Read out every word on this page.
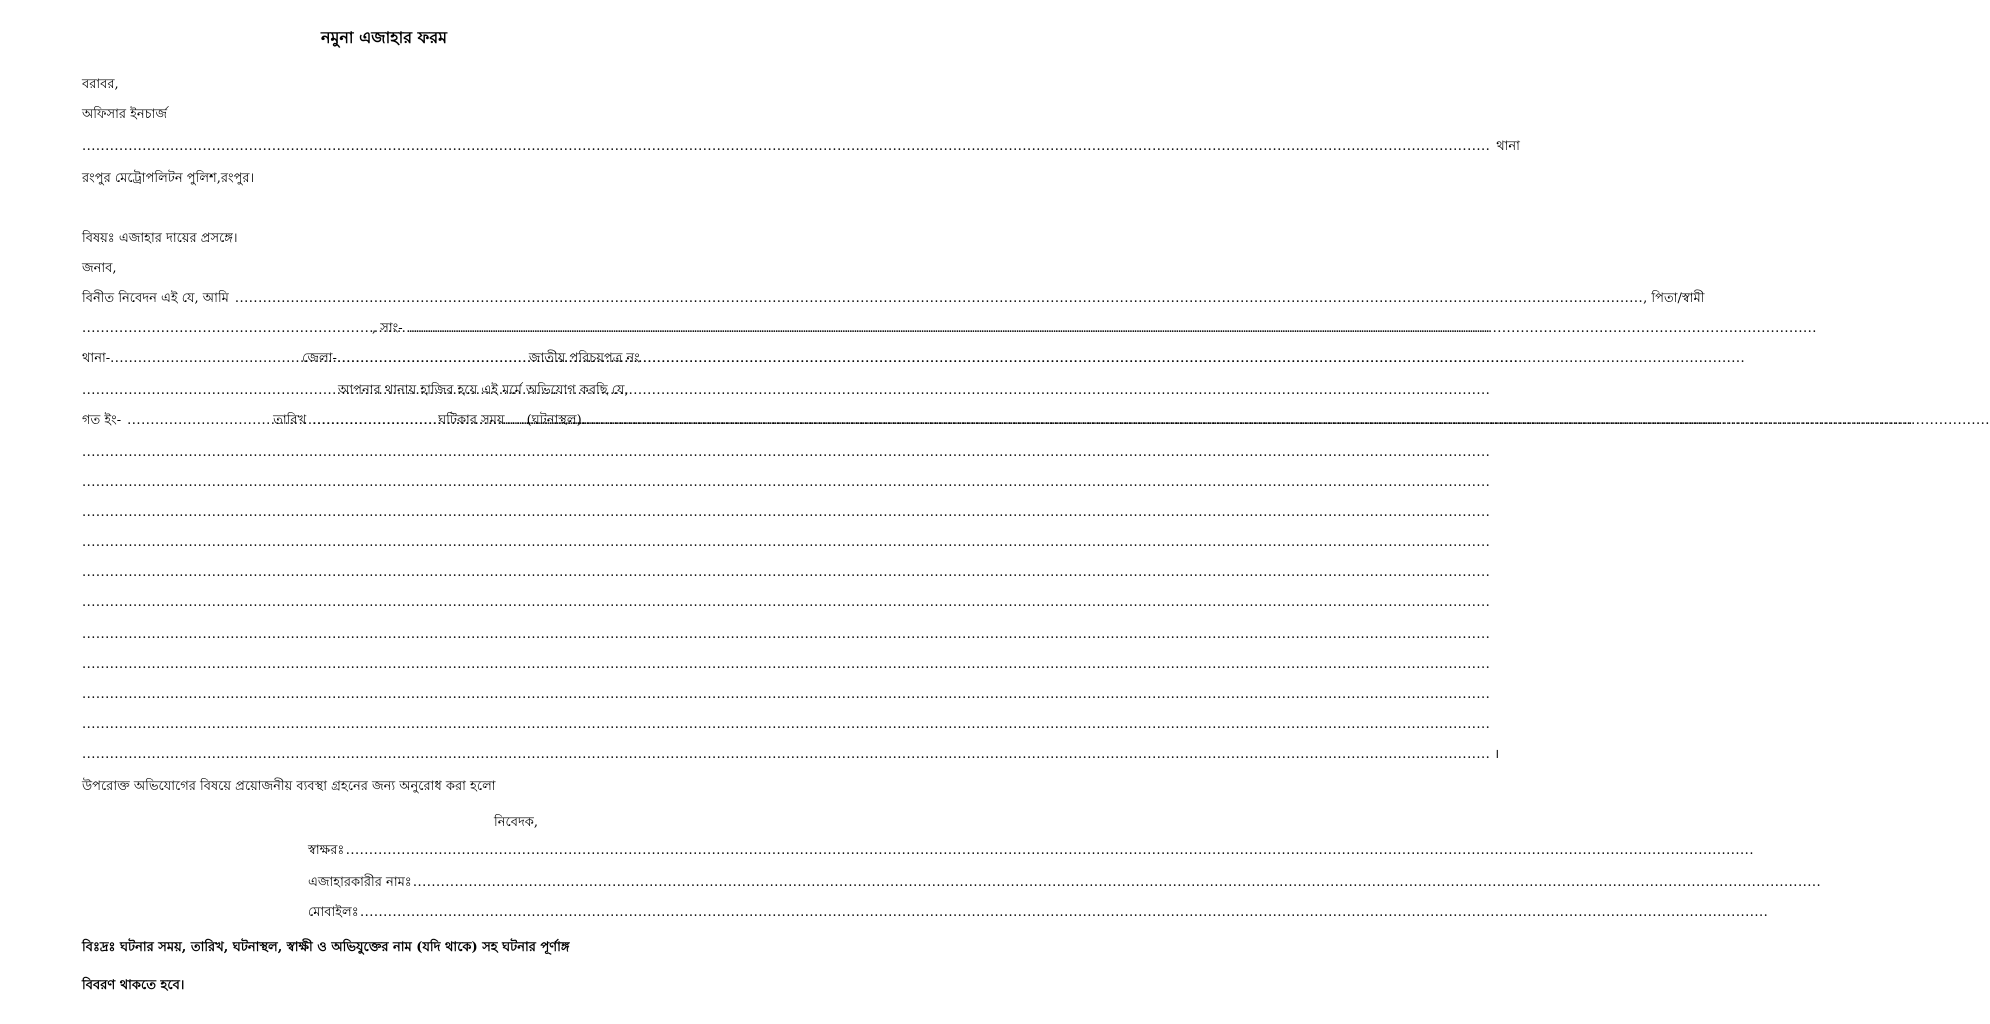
নমুনা এজাহার ফরম
বরাবর,
অফিসার ইনচার্জ
.....
থানা
রংপুর মেট্রোপলিটন পুলিশ,রংপুর।
বিষয়ঃ এজাহার দায়ের প্রসঙ্গে।
জনাব,
বিনীত নিবেদন এই যে, আমি .....	, পিতা/স্বামী
.....
, সাং-
.....
থানা- .....	জেলা- .....	জাতীয় পরিচয়পত্র নং
.....
আপনার থানায় হাজির হয়ে এই মর্মে অভিযোগ করছি যে,
গত ইং- .....	তারিখ .....	ঘটিকার সময় ..... (ঘটনাস্থল)
.....
.....
.....
.....
.....
.....
.....
.....
.....
.....
.....
.....
।
উপরোক্ত অভিযোগের বিষয়ে প্রয়োজনীয় ব্যবস্থা গ্রহনের জন্য অনুরোধ করা হলো
নিবেদক,
স্বাক্ষরঃ
.....
এজাহারকারীর নামঃ
.....
মোবাইলঃ
.....
বিঃদ্রঃ ঘটনার সময়, তারিখ, ঘটনাস্থল, স্বাক্ষী ও অভিযুক্তের নাম (যদি থাকে) সহ ঘটনার পূর্ণাঙ্গ
বিবরণ থাকতে হবে।
